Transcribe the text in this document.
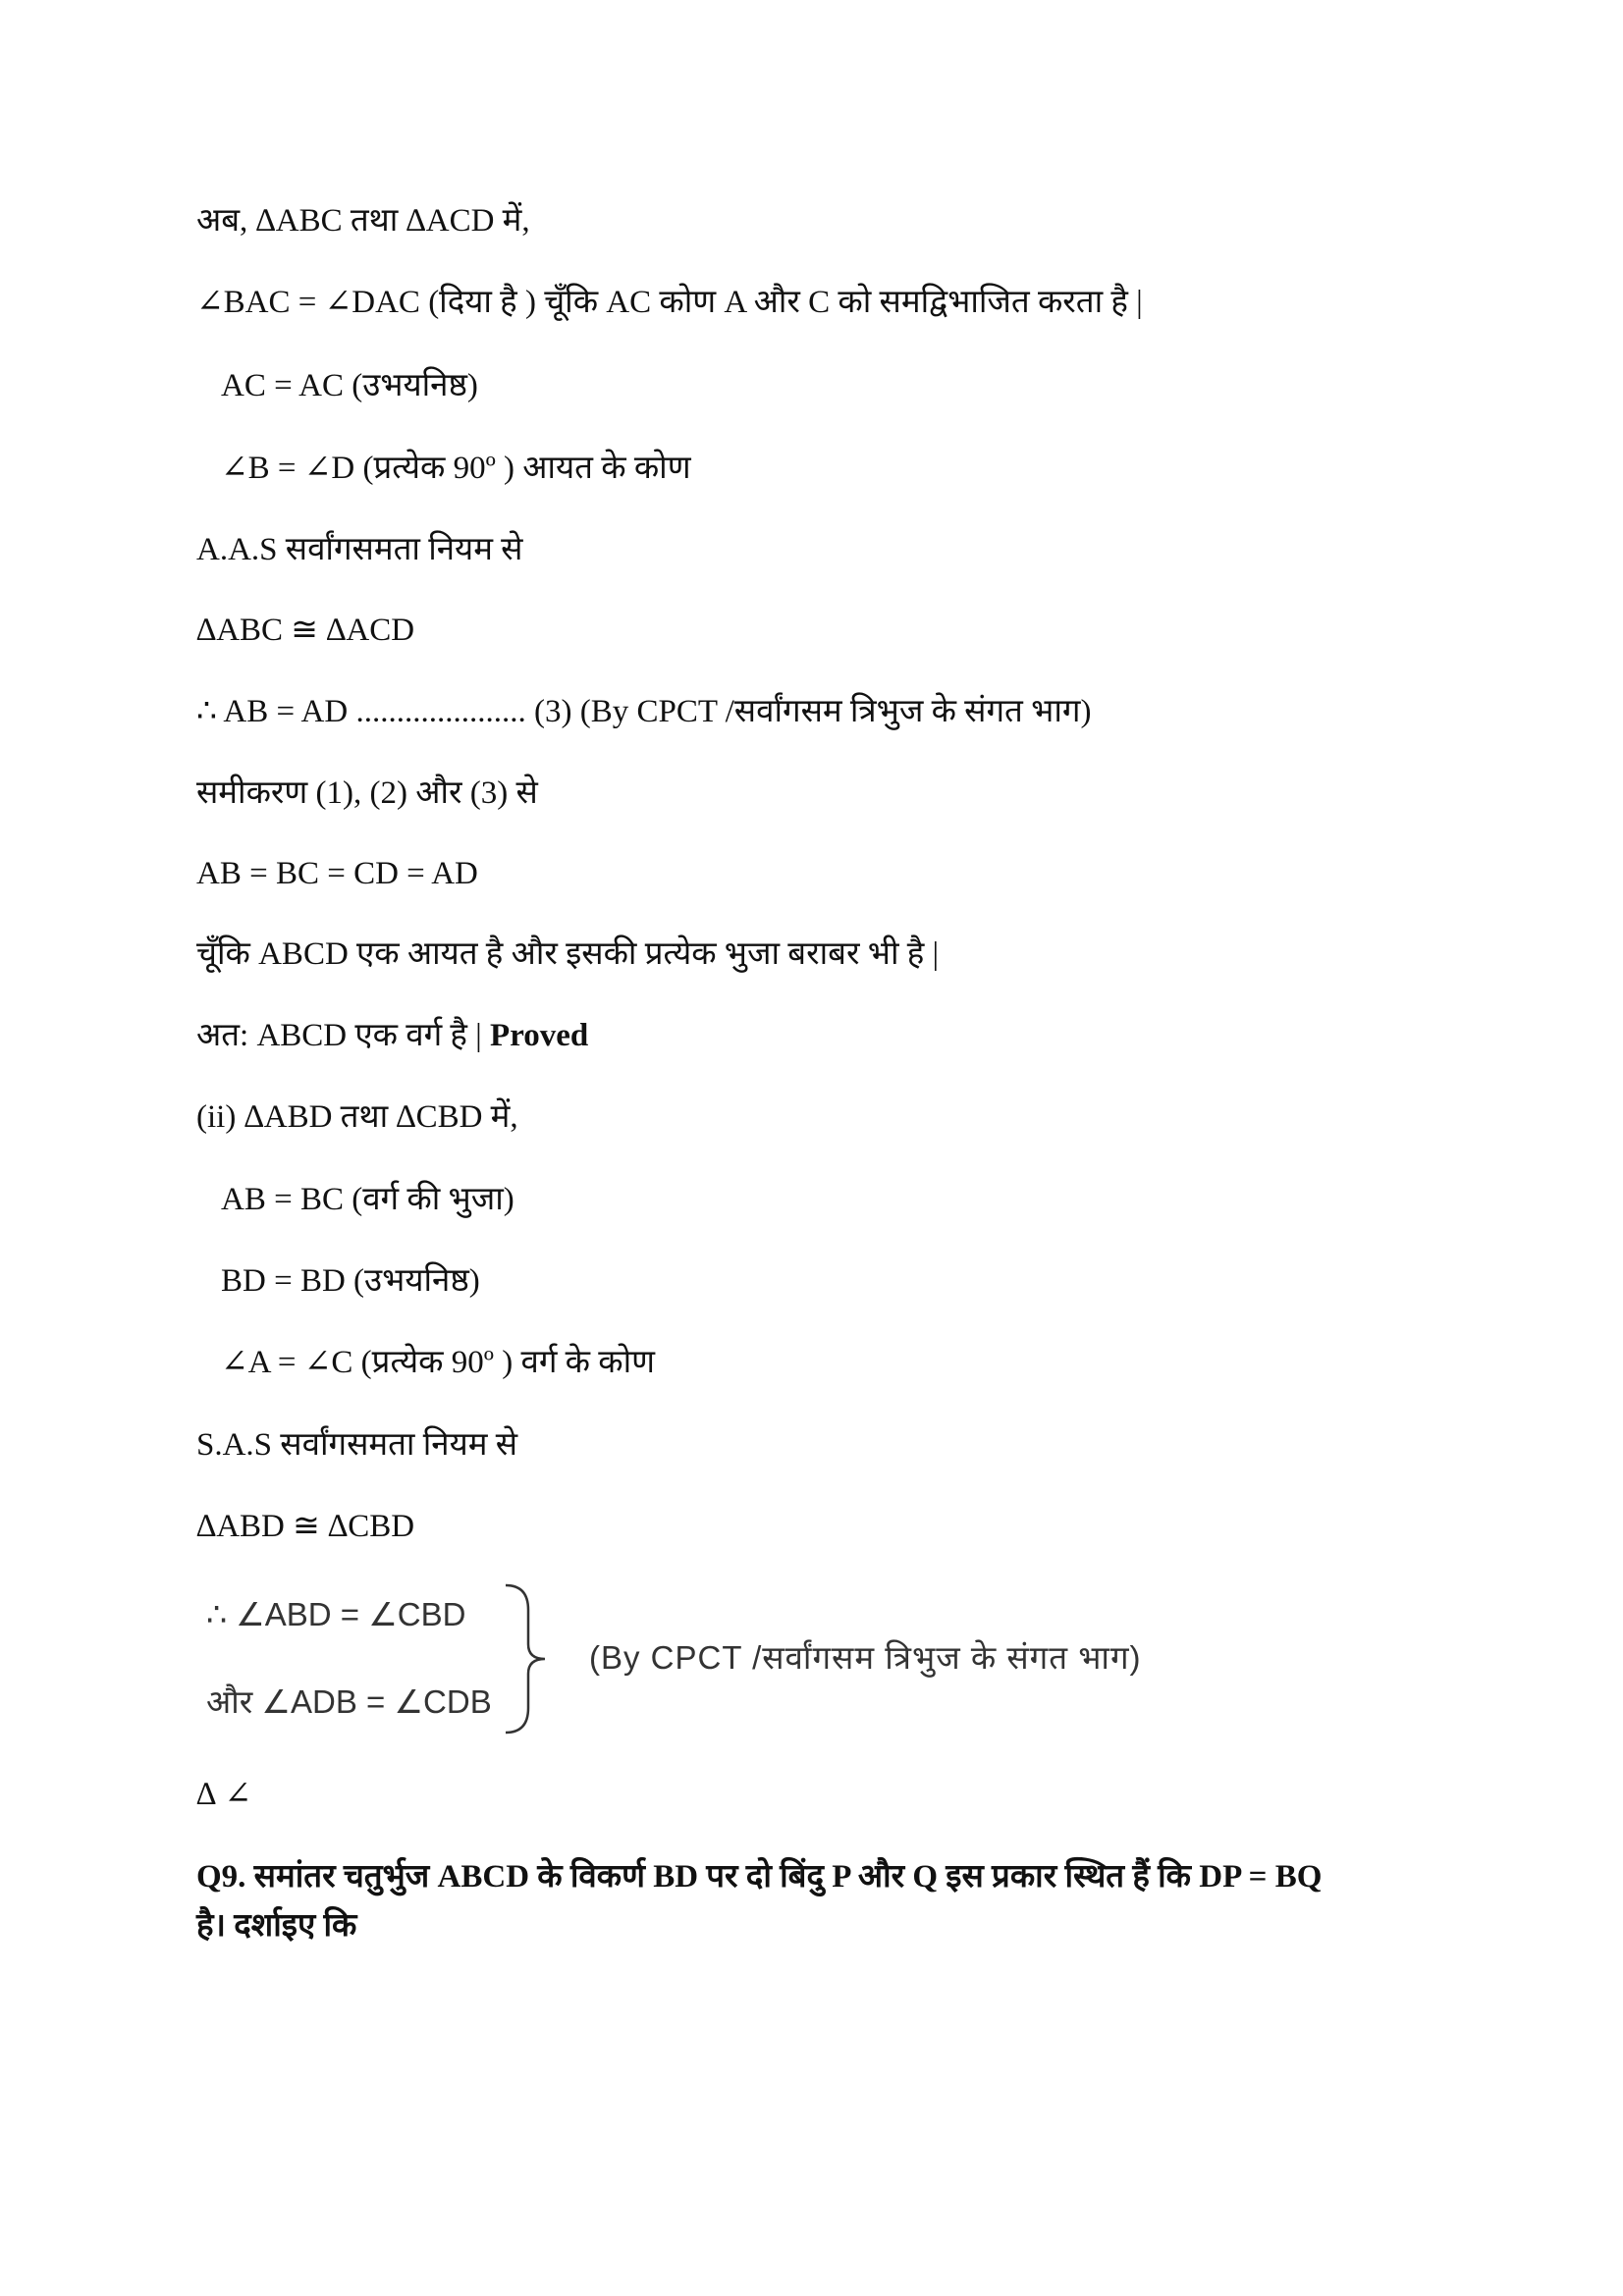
अब, ∆ABC तथा ∆ACD में,
∠BAC = ∠DAC (दिया है ) चूँकि AC कोण A और C को समद्विभाजित करता है |
AC = AC (उभयनिष्ठ)
∠B = ∠D (प्रत्येक 90º ) आयत के कोण
A.A.S सर्वांगसमता नियम से
∆ABC ≅ ∆ACD
∴ AB = AD ..................... (3) (By CPCT /सर्वांगसम त्रिभुज के संगत भाग)
समीकरण (1), (2) और (3) से
AB = BC = CD = AD
चूँकि ABCD एक आयत है और इसकी प्रत्येक भुजा बराबर भी है |
अत: ABCD एक वर्ग है | Proved
(ii) ∆ABD तथा ∆CBD में,
AB = BC (वर्ग की भुजा)
BD = BD (उभयनिष्ठ)
∠A = ∠C (प्रत्येक 90º ) वर्ग के कोण
S.A.S सर्वांगसमता नियम से
∆ABD ≅ ∆CBD
∴ ∠ABD = ∠CBD
और ∠ADB = ∠CDB
(By CPCT /सर्वांगसम त्रिभुज के संगत भाग)
∆ ∠
Q9. समांतर चतुर्भुज ABCD के विकर्ण BD पर दो बिंदु P और Q इस प्रकार स्थित हैं कि DP = BQ
है। दर्शाइए कि
